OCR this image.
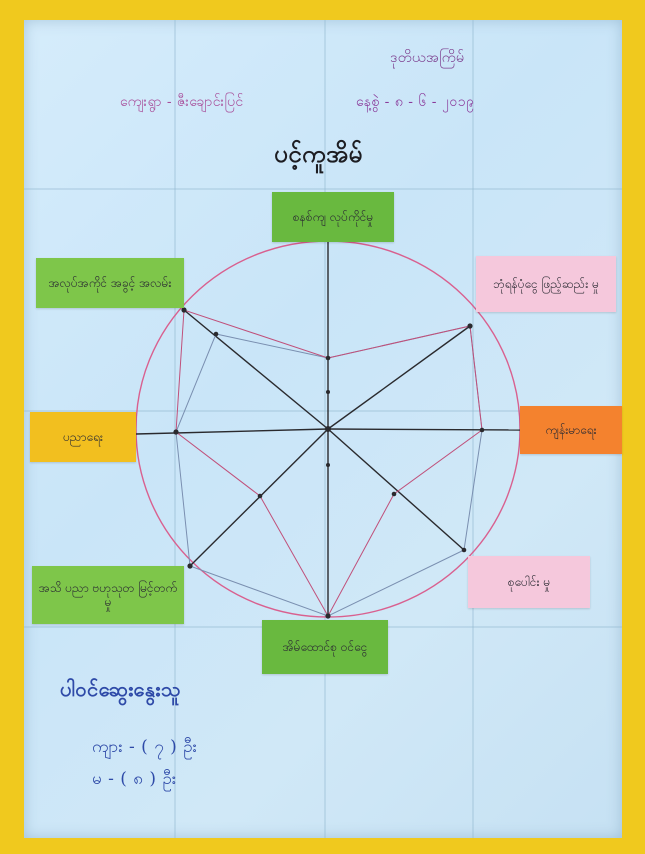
ဒုတိယအကြိမ်
ကျေးရွာ - ဇီးချောင်းပြင်	နေ့စွဲ - ၈ - ၆ - ၂၀၁၉
ပင့်ကူအိမ်
စနစ်ကျ လုပ်ကိုင်မှု
အလုပ်အကိုင် အခွင့် အလမ်း	ဘုံရန်ပုံငွေ ဖြည့်ဆည်း မှု
ပညာရေး	ကျန်းမာရေး
အသိ ပညာ ဗဟုသုတ မြင့်တက်မှု
စုပေါင်း မှု
အိမ်ထောင်စု ဝင်ငွေ
ပါဝင်ဆွေးနွေးသူ
ကျား - ( ၇ ) ဦး
မ - ( ၈ ) ဦး
